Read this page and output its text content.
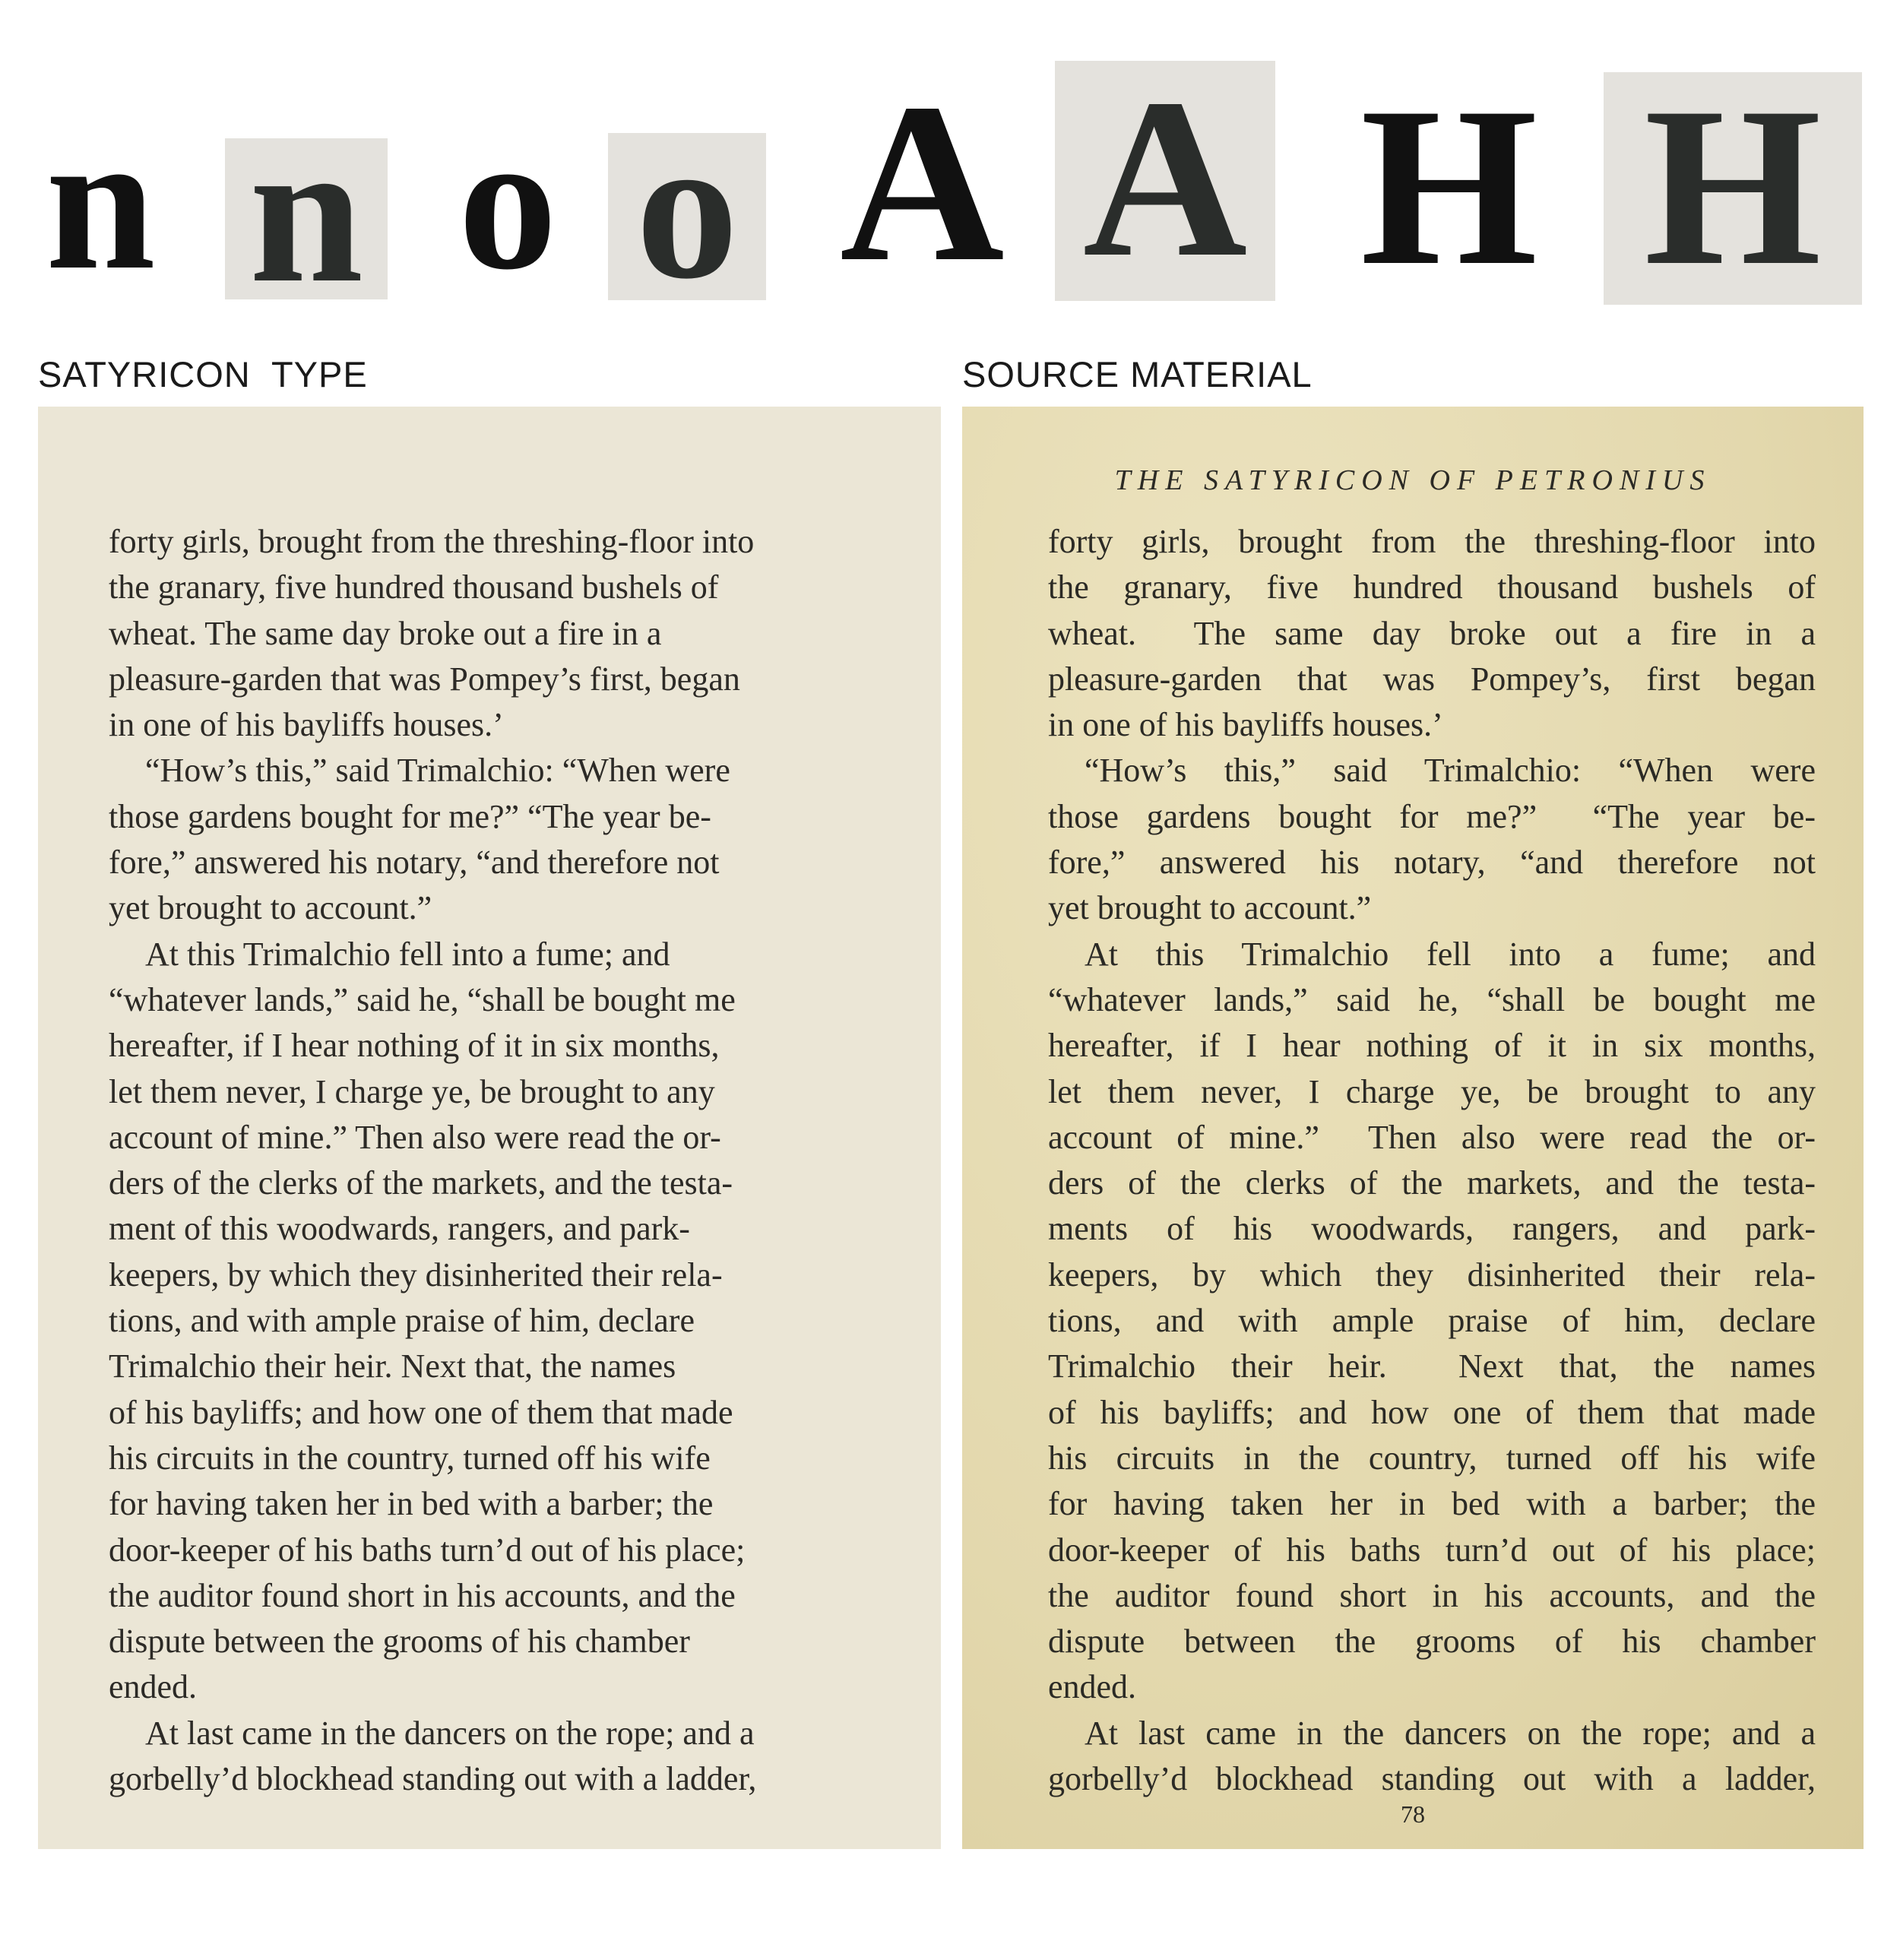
n n o o A A H H
SATYRICON  TYPE	SOURCE MATERIAL
forty girls, brought from the threshing-floor into
the granary, five hundred thousand bushels of
wheat. The same day broke out a fire in a
pleasure-garden that was Pompey’s first, began
in one of his bayliffs houses.’
“How’s this,” said Trimalchio: “When were
those gardens bought for me?” “The year be-
fore,” answered his notary, “and therefore not
yet brought to account.”
At this Trimalchio fell into a fume; and
“whatever lands,” said he, “shall be bought me
hereafter, if I hear nothing of it in six months,
let them never, I charge ye, be brought to any
account of mine.” Then also were read the or-
ders of the clerks of the markets, and the testa-
ment of this woodwards, rangers, and park-
keepers, by which they disinherited their rela-
tions, and with ample praise of him, declare
Trimalchio their heir. Next that, the names
of his bayliffs; and how one of them that made
his circuits in the country, turned off his wife
for having taken her in bed with a barber; the
door-keeper of his baths turn’d out of his place;
the auditor found short in his accounts, and the
dispute between the grooms of his chamber
ended.
At last came in the dancers on the rope; and a
gorbelly’d blockhead standing out with a ladder,
THE SATYRICON OF PETRONIUS
forty girls, brought from the threshing-floor into
the granary, five hundred thousand bushels of
wheat.  The same day broke out a fire in a
pleasure-garden that was Pompey’s, first began
in one of his bayliffs houses.’
“How’s this,” said Trimalchio: “When were
those gardens bought for me?”  “The year be-
fore,” answered his notary, “and therefore not
yet brought to account.”
At this Trimalchio fell into a fume; and
“whatever lands,” said he, “shall be bought me
hereafter, if I hear nothing of it in six months,
let them never, I charge ye, be brought to any
account of mine.”  Then also were read the or-
ders of the clerks of the markets, and the testa-
ments of his woodwards, rangers, and park-
keepers, by which they disinherited their rela-
tions, and with ample praise of him, declare
Trimalchio their heir.  Next that, the names
of his bayliffs; and how one of them that made
his circuits in the country, turned off his wife
for having taken her in bed with a barber; the
door-keeper of his baths turn’d out of his place;
the auditor found short in his accounts, and the
dispute between the grooms of his chamber
ended.
At last came in the dancers on the rope; and a
gorbelly’d blockhead standing out with a ladder,
78
